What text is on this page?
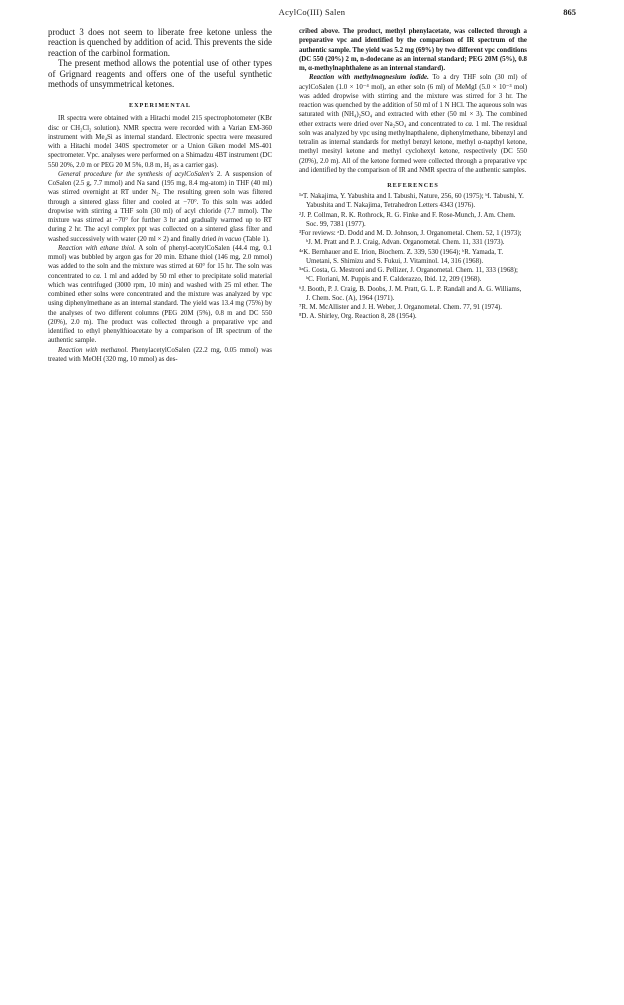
AcylCo(III) Salen	865

product 3 does not seem to liberate free ketone unless the reaction is quenched by addition of acid. This prevents the side reaction of the carbinol formation.

The present method allows the potential use of other types of Grignard reagents and offers one of the useful synthetic methods of unsymmetrical ketones.

EXPERIMENTAL

IR spectra were obtained with a Hitachi model 215 spectrophotometer (KBr disc or CH₂Cl₂ solution). NMR spectra were recorded with a Varian EM-360 instrument with Me₄Si as internal standard. Electronic spectra were measured with a Hitachi model 340S spectrometer or a Union Giken model MS-401 spectrometer. Vpc. analyses were performed on a Shimadzu 4BT instrument (DC 550 20%, 2.0 m or PEG 20 M 5%, 0.8 m, H₂ as a carrier gas).

General procedure for the synthesis of acylCoSalen's 2. A suspension of CoSalen (2.5 g, 7.7 mmol) and Na sand (195 mg, 8.4 mg-atom) in THF (40 ml) was stirred overnight at RT under N₂. The resulting green soln was filtered through a sintered glass filter and cooled at −70°. To this soln was added dropwise with stirring a THF soln (30 ml) of acyl chloride (7.7 mmol). The mixture was stirred at −70° for further 3 hr and gradually warmed up to RT during 2 hr. The acyl complex ppt was collected on a sintered glass filter and washed successively with water (20 ml × 2) and finally dried in vacuo (Table 1).

Reaction with ethane thiol. A soln of phenyl-acetylCoSalen (44.4 mg, 0.1 mmol) was bubbled by argon gas for 20 min. Ethane thiol (146 mg, 2.0 mmol) was added to the soln and the mixture was stirred at 60° for 15 hr. The soln was concentrated to ca. 1 ml and added by 50 ml ether to precipitate solid material which was centrifuged (3000 rpm, 10 min) and washed with 25 ml ether. The combined ether solns were concentrated and the mixture was analyzed by vpc using diphenylmethane as an internal standard. The yield was 13.4 mg (75%) by the analyses of two different columns (PEG 20M (5%), 0.8 m and DC 550 (20%), 2.0 m). The product was collected through a preparative vpc and identified to ethyl phenylthioacetate by a comparison of IR spectrum of the authentic sample.

Reaction with methanol. PhenylacetylCoSalen (22.2 mg, 0.05 mmol) was treated with MeOH (320 mg, 10 mmol) as des-

cribed above. The product, methyl phenylacetate, was collected through a preparative vpc and identified by the comparison of IR spectrum of the authentic sample. The yield was 5.2 mg (69%) by two different vpc conditions (DC 550 (20%) 2 m, n-dodecane as an internal standard; PEG 20M (5%), 0.8 m, α-methylnaphthalene as an internal standard).

Reaction with methylmagnesium iodide. To a dry THF soln (30 ml) of acylCoSalen (1.0 × 10⁻⁴ mol), an ether soln (6 ml) of MeMgI (5.0 × 10⁻³ mol) was added dropwise with stirring and the mixture was stirred for 3 hr. The reaction was quenched by the addition of 50 ml of 1 N HCl. The aqueous soln was saturated with (NH₄)₂SO₄ and extracted with ether (50 ml × 3). The combined ether extracts were dried over Na₂SO₄ and concentrated to ca. 1 ml. The residual soln was analyzed by vpc using methylnapthalene, diphenylmethane, bibenzyl and tetralin as internal standards for methyl benzyl ketone, methyl α-napthyl ketone, methyl mesityl ketone and methyl cyclohexyl ketone, respectively (DC 550 (20%), 2.0 m). All of the ketone formed were collected through a preparative vpc and identified by the comparison of IR and NMR spectra of the authentic samples.

REFERENCES
¹ᵃT. Nakajima, Y. Yabushita and I. Tabushi, Nature, 256, 60 (1975); ᵇI. Tabushi, Y. Yabushita and T. Nakajima, Tetrahedron Letters 4343 (1976).
²J. P. Collman, R. K. Rothrock, R. G. Finke and F. Rose-Munch, J. Am. Chem. Soc. 99, 7381 (1977).
³For reviews: ᵃD. Dodd and M. D. Johnson, J. Organometal. Chem. 52, 1 (1973); ᵇJ. M. Pratt and P. J. Craig, Advan. Organometal. Chem. 11, 331 (1973).
⁴ᵃK. Bernhauer and E. Irion, Biochem. Z. 339, 530 (1964); ᵇR. Yamada, T. Umetani, S. Shimizu and S. Fukui, J. Vitaminol. 14, 316 (1968).
⁵ᵃG. Costa, G. Mestroni and G. Pellizer, J. Organometal. Chem. 11, 333 (1968); ᵇC. Floriani, M. Puppis and F. Calderazzo, Ibid. 12, 209 (1968).
⁶J. Booth, P. J. Craig, B. Doobs, J. M. Pratt, G. L. P. Randall and A. G. Williams, J. Chem. Soc. (A), 1964 (1971).
⁷R. M. McAllister and J. H. Weber, J. Organometal. Chem. 77, 91 (1974).
⁸D. A. Shirley, Org. Reaction 8, 28 (1954).
